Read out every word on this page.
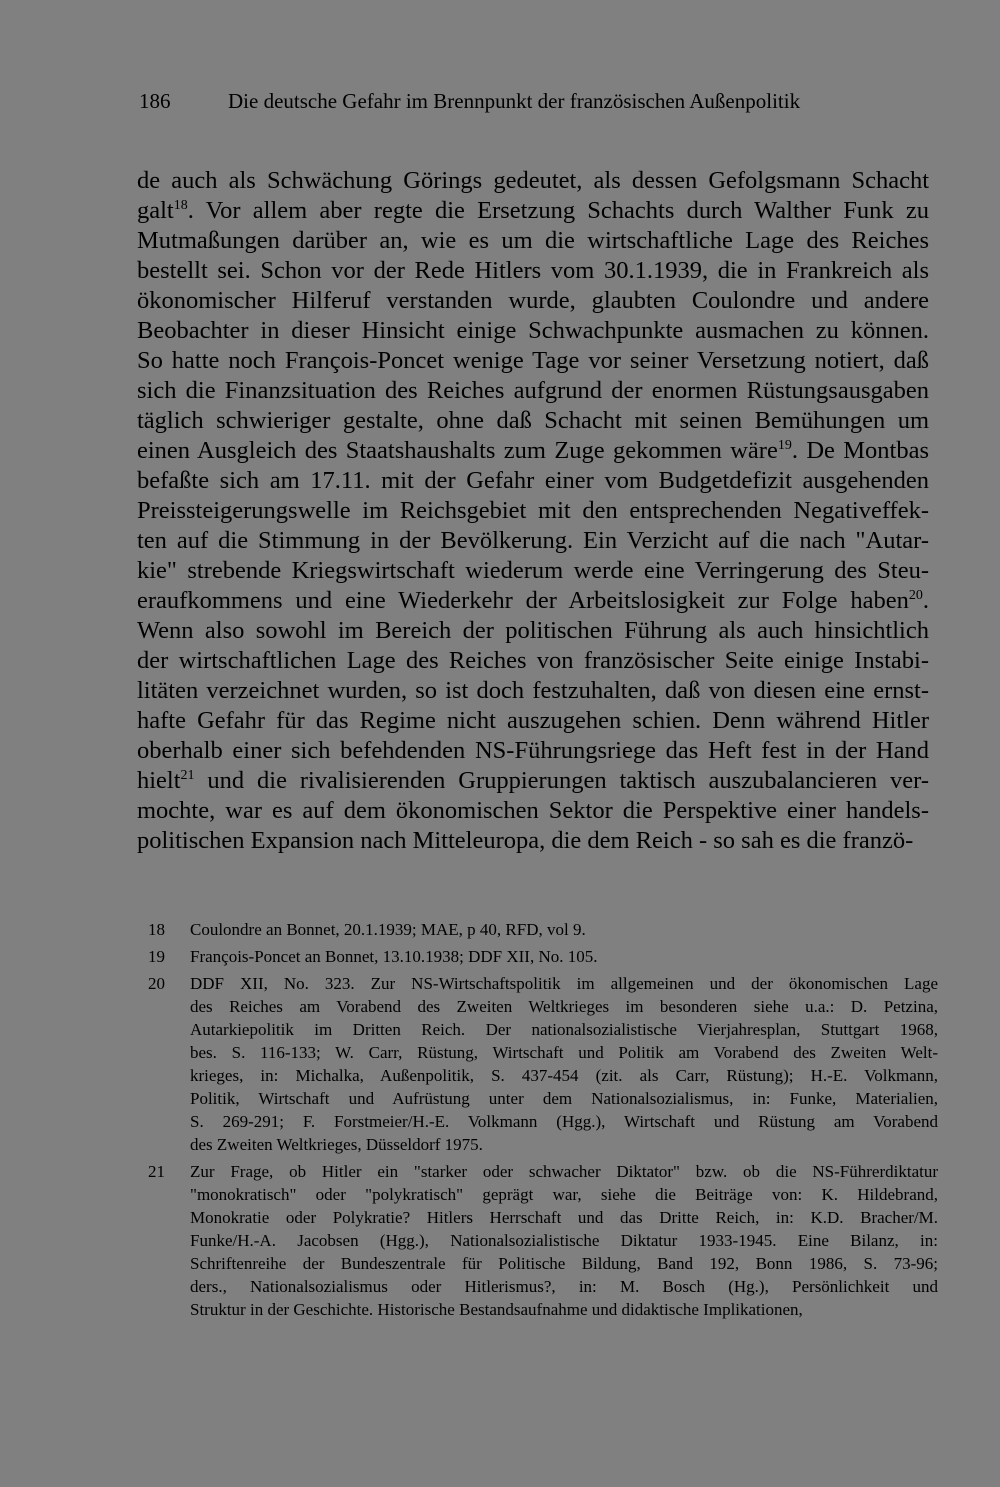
186	Die deutsche Gefahr im Brennpunkt der französischen Außenpolitik
de auch als Schwächung Görings gedeutet, als dessen Gefolgsmann Schacht
galt$^{18}$. Vor allem aber regte die Ersetzung Schachts durch Walther Funk zu
Mutmaßungen darüber an, wie es um die wirtschaftliche Lage des Reiches
bestellt sei. Schon vor der Rede Hitlers vom 30.1.1939, die in Frankreich als
ökonomischer Hilferuf verstanden wurde, glaubten Coulondre und andere
Beobachter in dieser Hinsicht einige Schwachpunkte ausmachen zu können.
So hatte noch François-Poncet wenige Tage vor seiner Versetzung notiert, daß
sich die Finanzsituation des Reiches aufgrund der enormen Rüstungsausgaben
täglich schwieriger gestalte, ohne daß Schacht mit seinen Bemühungen um
einen Ausgleich des Staatshaushalts zum Zuge gekommen wäre$^{19}$. De Montbas
befaßte sich am 17.11. mit der Gefahr einer vom Budgetdefizit ausgehenden
Preissteigerungswelle im Reichsgebiet mit den entsprechenden Negativeffek-
ten auf die Stimmung in der Bevölkerung. Ein Verzicht auf die nach "Autar-
kie" strebende Kriegswirtschaft wiederum werde eine Verringerung des Steu-
eraufkommens und eine Wiederkehr der Arbeitslosigkeit zur Folge haben$^{20}$.
Wenn also sowohl im Bereich der politischen Führung als auch hinsichtlich
der wirtschaftlichen Lage des Reiches von französischer Seite einige Instabi-
litäten verzeichnet wurden, so ist doch festzuhalten, daß von diesen eine ernst-
hafte Gefahr für das Regime nicht auszugehen schien. Denn während Hitler
oberhalb einer sich befehdenden NS-Führungsriege das Heft fest in der Hand
hielt$^{21}$ und die rivalisierenden Gruppierungen taktisch auszubalancieren ver-
mochte, war es auf dem ökonomischen Sektor die Perspektive einer handels-
politischen Expansion nach Mitteleuropa, die dem Reich - so sah es die franzö-
18 Coulondre an Bonnet, 20.1.1939; MAE, p 40, RFD, vol 9.
19 François-Poncet an Bonnet, 13.10.1938; DDF XII, No. 105.
20 DDF XII, No. 323. Zur NS-Wirtschaftspolitik im allgemeinen und der ökonomischen Lage
des Reiches am Vorabend des Zweiten Weltkrieges im besonderen siehe u.a.: D. Petzina,
Autarkiepolitik im Dritten Reich. Der nationalsozialistische Vierjahresplan, Stuttgart 1968,
bes. S. 116-133; W. Carr, Rüstung, Wirtschaft und Politik am Vorabend des Zweiten Welt-
krieges, in: Michalka, Außenpolitik, S. 437-454 (zit. als Carr, Rüstung); H.-E. Volkmann,
Politik, Wirtschaft und Aufrüstung unter dem Nationalsozialismus, in: Funke, Materialien,
S. 269-291; F. Forstmeier/H.-E. Volkmann (Hgg.), Wirtschaft und Rüstung am Vorabend
des Zweiten Weltkrieges, Düsseldorf 1975.
21 Zur Frage, ob Hitler ein "starker oder schwacher Diktator" bzw. ob die NS-Führerdiktatur
"monokratisch" oder "polykratisch" geprägt war, siehe die Beiträge von: K. Hildebrand,
Monokratie oder Polykratie? Hitlers Herrschaft und das Dritte Reich, in: K.D. Bracher/M.
Funke/H.-A. Jacobsen (Hgg.), Nationalsozialistische Diktatur 1933-1945. Eine Bilanz, in:
Schriftenreihe der Bundeszentrale für Politische Bildung, Band 192, Bonn 1986, S. 73-96;
ders., Nationalsozialismus oder Hitlerismus?, in: M. Bosch (Hg.), Persönlichkeit und
Struktur in der Geschichte. Historische Bestandsaufnahme und didaktische Implikationen,
